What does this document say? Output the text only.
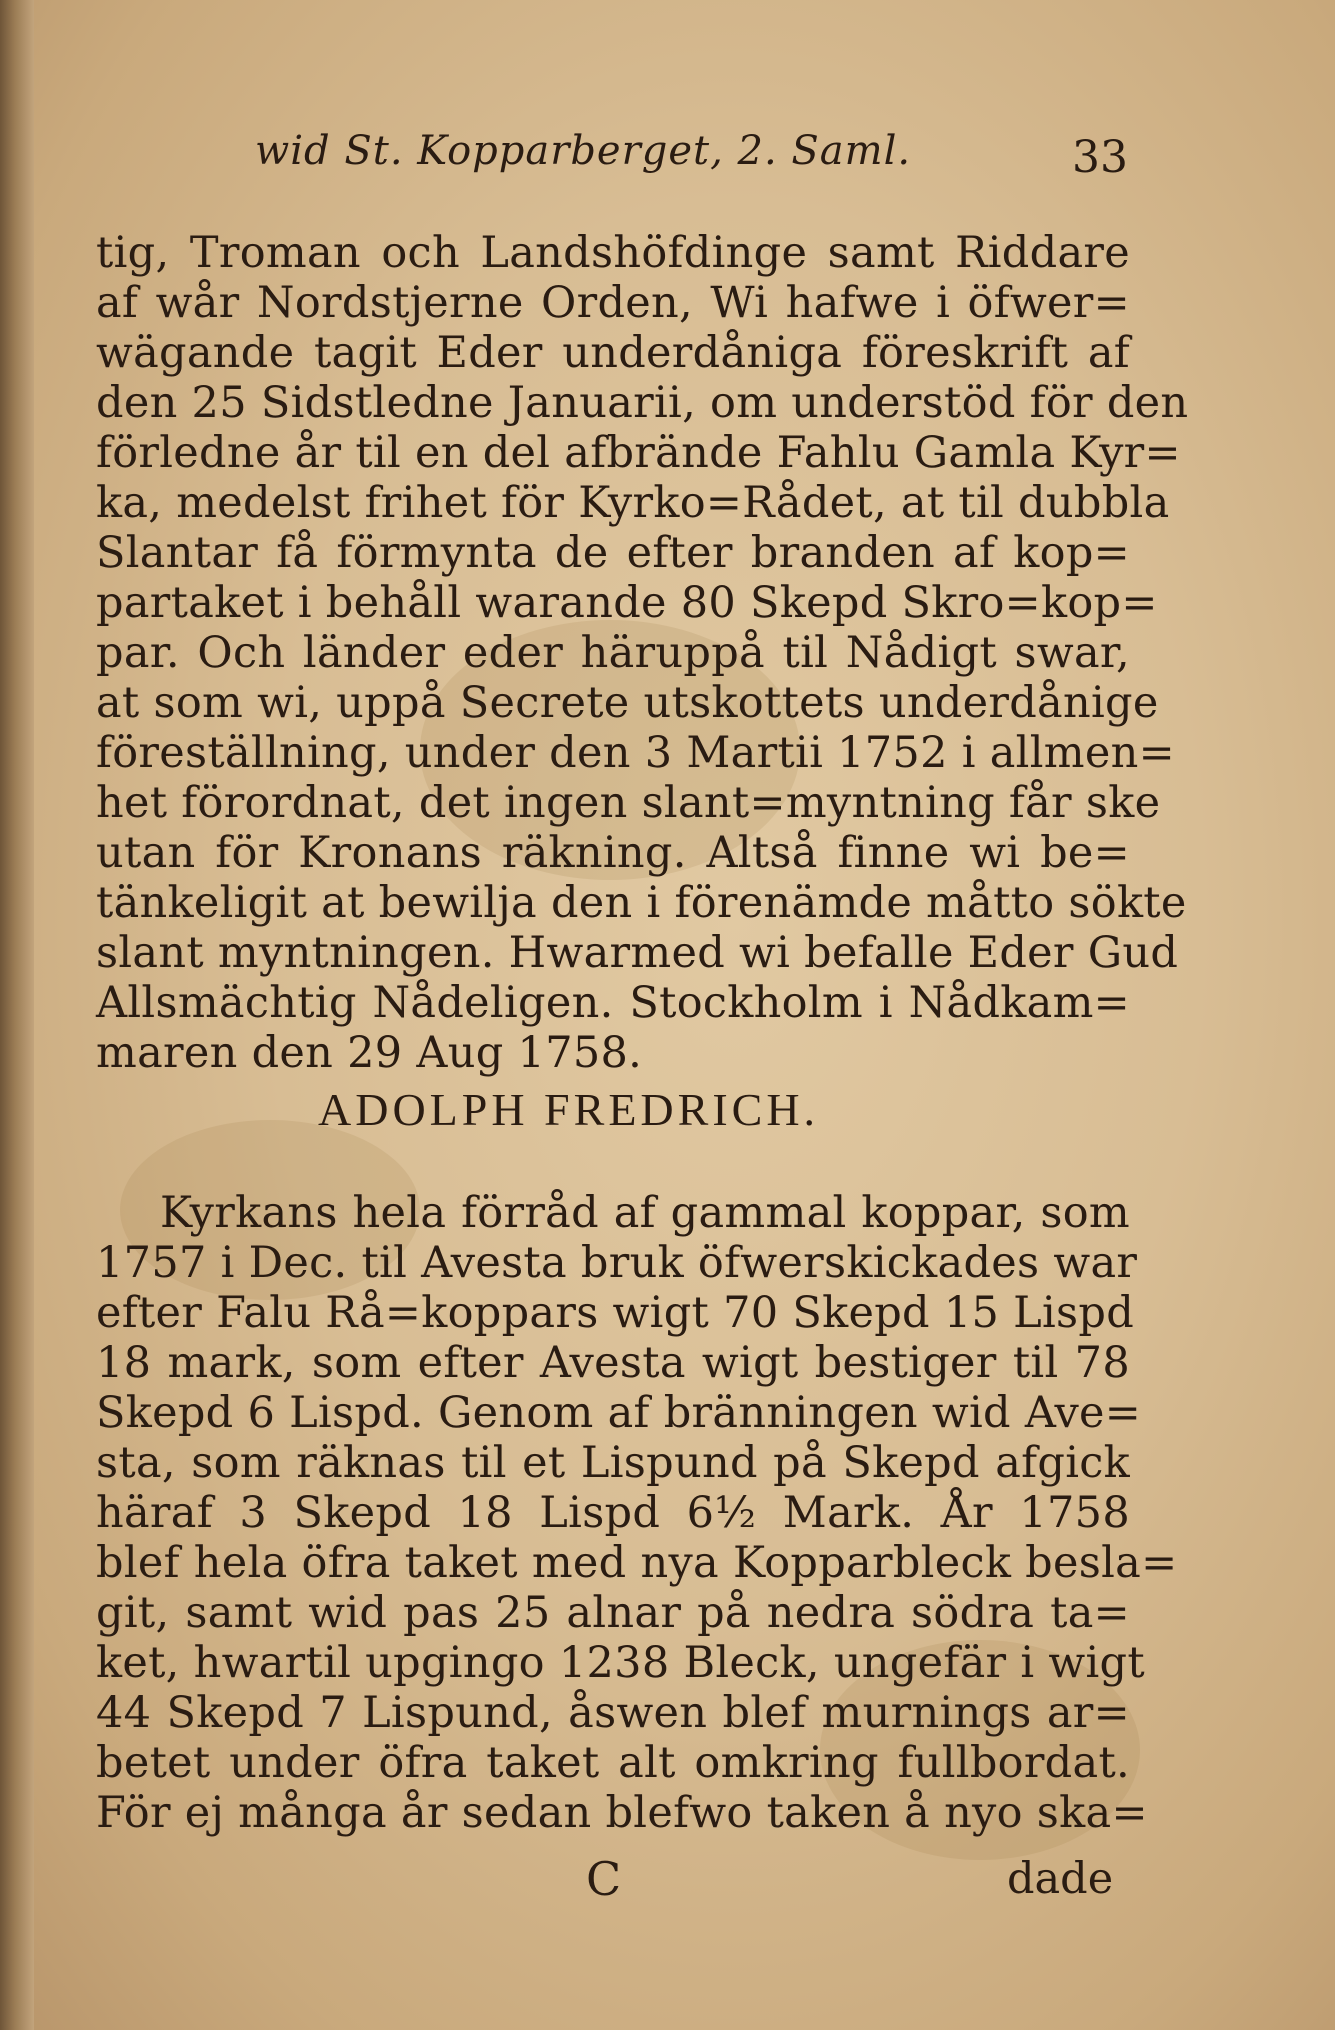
wid St. Kopparberget, 2. Saml.	33
tig, Troman och Landshöfdinge samt Riddare
af wår Nordstjerne Orden, Wi hafwe i öfwer=
wägande tagit Eder underdåniga föreskrift af
den 25 Sidstledne Januarii, om understöd för den
förledne år til en del afbrände Fahlu Gamla Kyr=
ka, medelst frihet för Kyrko=Rådet, at til dubbla
Slantar få förmynta de efter branden af kop=
partaket i behåll warande 80 Skepd Skro=kop=
par. Och länder eder häruppå til Nådigt swar,
at som wi, uppå Secrete utskottets underdånige
föreställning, under den 3 Martii 1752 i allmen=
het förordnat, det ingen slant=myntning får ske
utan för Kronans räkning. Altså finne wi be=
tänkeligit at bewilja den i förenämde måtto sökte
slant myntningen. Hwarmed wi befalle Eder Gud
Allsmächtig Nådeligen. Stockholm i Nådkam=
maren den 29 Aug 1758.
ADOLPH FREDRICH.
Kyrkans hela förråd af gammal koppar, som
1757 i Dec. til Avesta bruk öfwerskickades war
efter Falu Rå=koppars wigt 70 Skepd 15 Lispd
18 mark, som efter Avesta wigt bestiger til 78
Skepd 6 Lispd. Genom af bränningen wid Ave=
sta, som räknas til et Lispund på Skepd afgick
häraf 3 Skepd 18 Lispd 6½ Mark. År 1758
blef hela öfra taket med nya Kopparbleck besla=
git, samt wid pas 25 alnar på nedra södra ta=
ket, hwartil upgingo 1238 Bleck, ungefär i wigt
44 Skepd 7 Lispund, åswen blef murnings ar=
betet under öfra taket alt omkring fullbordat.
För ej många år sedan blefwo taken å nyo ska=
C	dade
